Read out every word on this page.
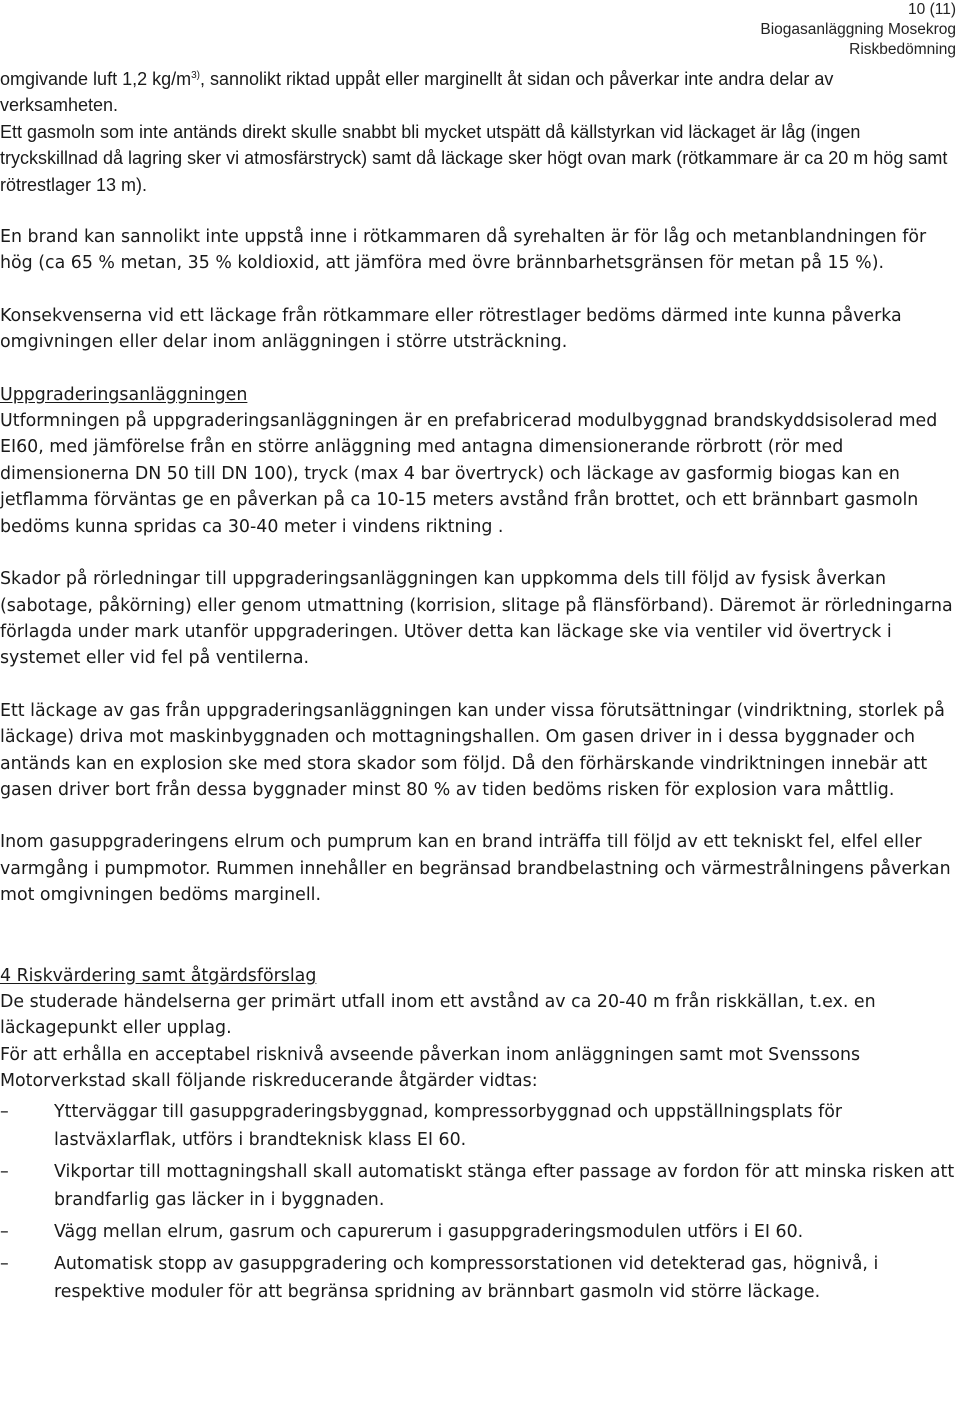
10 (11)
Biogasanläggning Mosekrog
Riskbedömning

omgivande luft 1,2 $kg/m^{3)}$, sannolikt riktad uppåt eller marginellt åt sidan och påverkar inte andra delar av verksamheten.

Ett gasmoln som inte antänds direkt skulle snabbt bli mycket utspätt då källstyrkan vid läckaget är låg (ingen tryckskillnad då lagring sker vi atmosfärstryck) samt då läckage sker högt ovan mark (rötkammare är ca 20 m hög samt rötrestlager 13 m).

En brand kan sannolikt inte uppstå inne i rötkammaren då syrehalten är för låg och metanblandningen för hög (ca 65 % metan, 35 % koldioxid, att jämföra med övre brännbarhetsgränsen för metan på 15 %).

Konsekvenserna vid ett läckage från rötkammare eller rötrestlager bedöms därmed inte kunna påverka omgivningen eller delar inom anläggningen i större utsträckning.

Uppgraderingsanläggningen

Utformningen på uppgraderingsanläggningen är en prefabricerad modulbyggnad brandskyddsisolerad med EI60, med jämförelse från en större anläggning med antagna dimensionerande rörbrott (rör med dimensionerna DN 50 till DN 100), tryck (max 4 bar övertryck) och läckage av gasformig biogas kan en jetflamma förväntas ge en påverkan på ca 10-15 meters avstånd från brottet, och ett brännbart gasmoln bedöms kunna spridas ca 30-40 meter i vindens riktning .

Skador på rörledningar till uppgraderingsanläggningen kan uppkomma dels till följd av fysisk åverkan (sabotage, påkörning) eller genom utmattning (korrision, slitage på flänsförband). Däremot är rörledningarna förlagda under mark utanför uppgraderingen. Utöver detta kan läckage ske via ventiler vid övertryck i systemet eller vid fel på ventilerna.

Ett läckage av gas från uppgraderingsanläggningen kan under vissa förutsättningar (vindriktning, storlek på läckage) driva mot maskinbyggnaden och mottagningshallen. Om gasen driver in i dessa byggnader och antänds kan en explosion ske med stora skador som följd. Då den förhärskande vindriktningen innebär att gasen driver bort från dessa byggnader minst 80 % av tiden bedöms risken för explosion vara måttlig.

Inom gasuppgraderingens elrum och pumprum kan en brand inträffa till följd av ett tekniskt fel, elfel eller varmgång i pumpmotor. Rummen innehåller en begränsad brandbelastning och värmestrålningens påverkan mot omgivningen bedöms marginell.

4 Riskvärdering samt åtgärdsförslag

De studerade händelserna ger primärt utfall inom ett avstånd av ca 20-40 m från riskkällan, t.ex. en läckagepunkt eller upplag.

För att erhålla en acceptabel risknivå avseende påverkan inom anläggningen samt mot Svenssons Motorverkstad skall följande riskreducerande åtgärder vidtas:

–	Ytterväggar till gasuppgraderingsbyggnad, kompressorbyggnad och uppställningsplats för lastväxlarflak, utförs i brandteknisk klass EI 60.
–	Vikportar till mottagningshall skall automatiskt stänga efter passage av fordon för att minska risken att brandfarlig gas läcker in i byggnaden.
–	Vägg mellan elrum, gasrum och capurerum i gasuppgraderingsmodulen utförs i EI 60.
–	Automatisk stopp av gasuppgradering och kompressorstationen vid detekterad gas, högnivå, i respektive moduler för att begränsa spridning av brännbart gasmoln vid större läckage.
